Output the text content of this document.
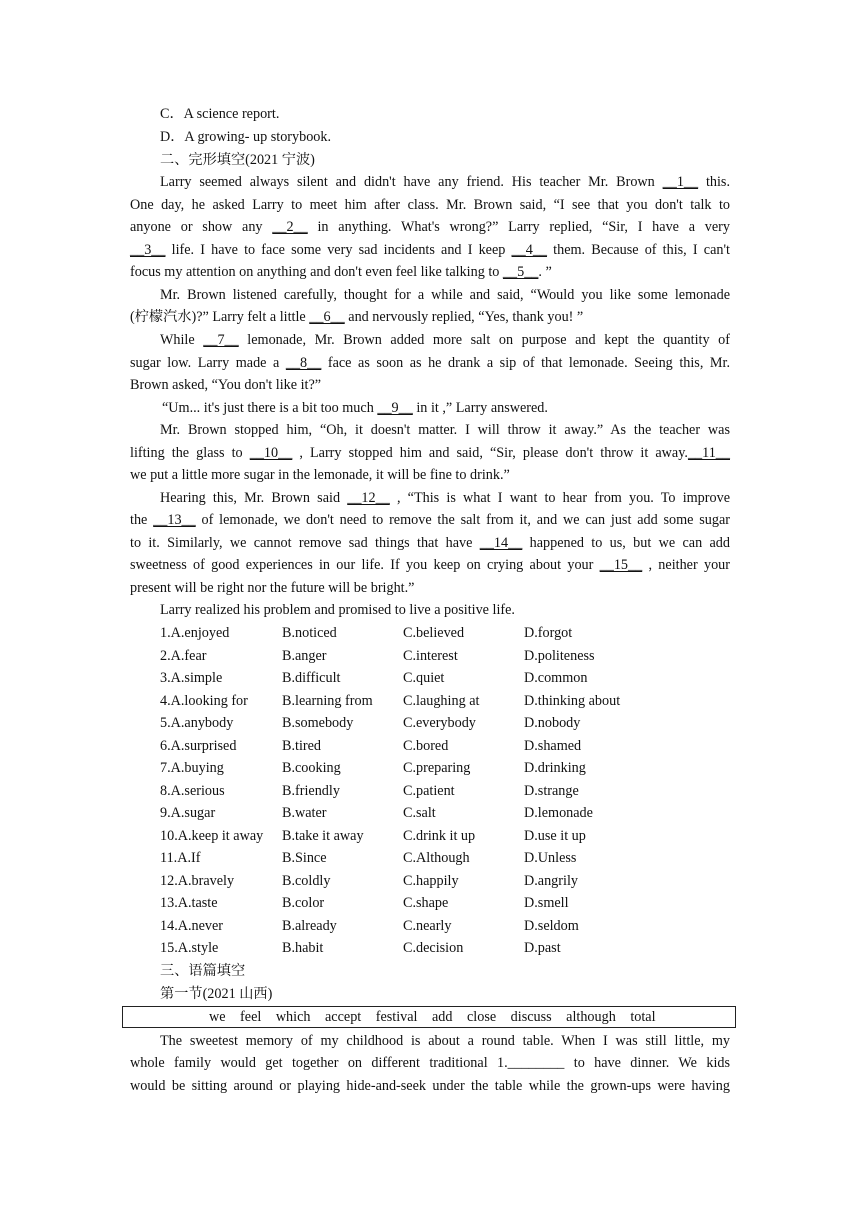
C．A science report.
D．A growing- up storybook.
二、完形填空(2021 宁波)
Larry seemed always silent and didn't have any friend. His teacher Mr. Brown __1__ this.
One day, he asked Larry to meet him after class. Mr. Brown said, “I see that you don't talk to
anyone or show any __2__ in anything. What's wrong?” Larry replied, “Sir, I have a very
__3__ life. I have to face some very sad incidents and I keep __4__ them. Because of this, I can't
focus my attention on anything and don't even feel like talking to __5__. ”
Mr. Brown listened carefully, thought for a while and said, “Would you like some lemonade
(柠檬汽水)?” Larry felt a little __6__ and nervously replied, “Yes, thank you! ”
While __7__ lemonade, Mr. Brown added more salt on purpose and kept the quantity of
sugar low. Larry made a __8__ face as soon as he drank a sip of that lemonade. Seeing this, Mr.
Brown asked, “You don't like it?”
“Um... it's just there is a bit too much __9__ in it ,” Larry answered.
Mr. Brown stopped him, “Oh, it doesn't matter. I will throw it away.” As the teacher was
lifting the glass to __10__ , Larry stopped him and said, “Sir, please don't throw it away.__11__
we put a little more sugar in the lemonade, it will be fine to drink.”
Hearing this, Mr. Brown said __12__ , “This is what I want to hear from you. To improve
the __13__ of lemonade, we don't need to remove the salt from it, and we can just add some sugar
to it. Similarly, we cannot remove sad things that have __14__ happened to us, but we can add
sweetness of good experiences in our life. If you keep on crying about your __15__ , neither your
present will be right nor the future will be bright.”
Larry realized his problem and promised to live a positive life.
1.A.enjoyed	B.noticed	C.believed	D.forgot
2.A.fear	B.anger	C.interest	D.politeness
3.A.simple	B.difficult	C.quiet	D.common
4.A.looking for B.learning from C.laughing at	D.thinking about
5.A.anybody	B.somebody	C.everybody	D.nobody
6.A.surprised	B.tired	C.bored	D.shamed
7.A.buying	B.cooking	C.preparing	D.drinking
8.A.serious	B.friendly	C.patient	D.strange
9.A.sugar	B.water	C.salt	D.lemonade
10.A.keep it away B.take it away	C.drink it up	D.use it up
11.A.If	B.Since	C.Although	D.Unless
12.A.bravely	B.coldly	C.happily	D.angrily
13.A.taste	B.color	C.shape	D.smell
14.A.never	B.already	C.nearly	D.seldom
15.A.style	B.habit	C.decision	D.past
三、语篇填空
第一节(2021 山西)
we feel which accept festival add close discuss although total
The sweetest memory of my childhood is about a round table. When I was still little, my
whole family would get together on different traditional 1.________ to have dinner. We kids
would be sitting around or playing hide-and-seek under the table while the grown-ups were having
